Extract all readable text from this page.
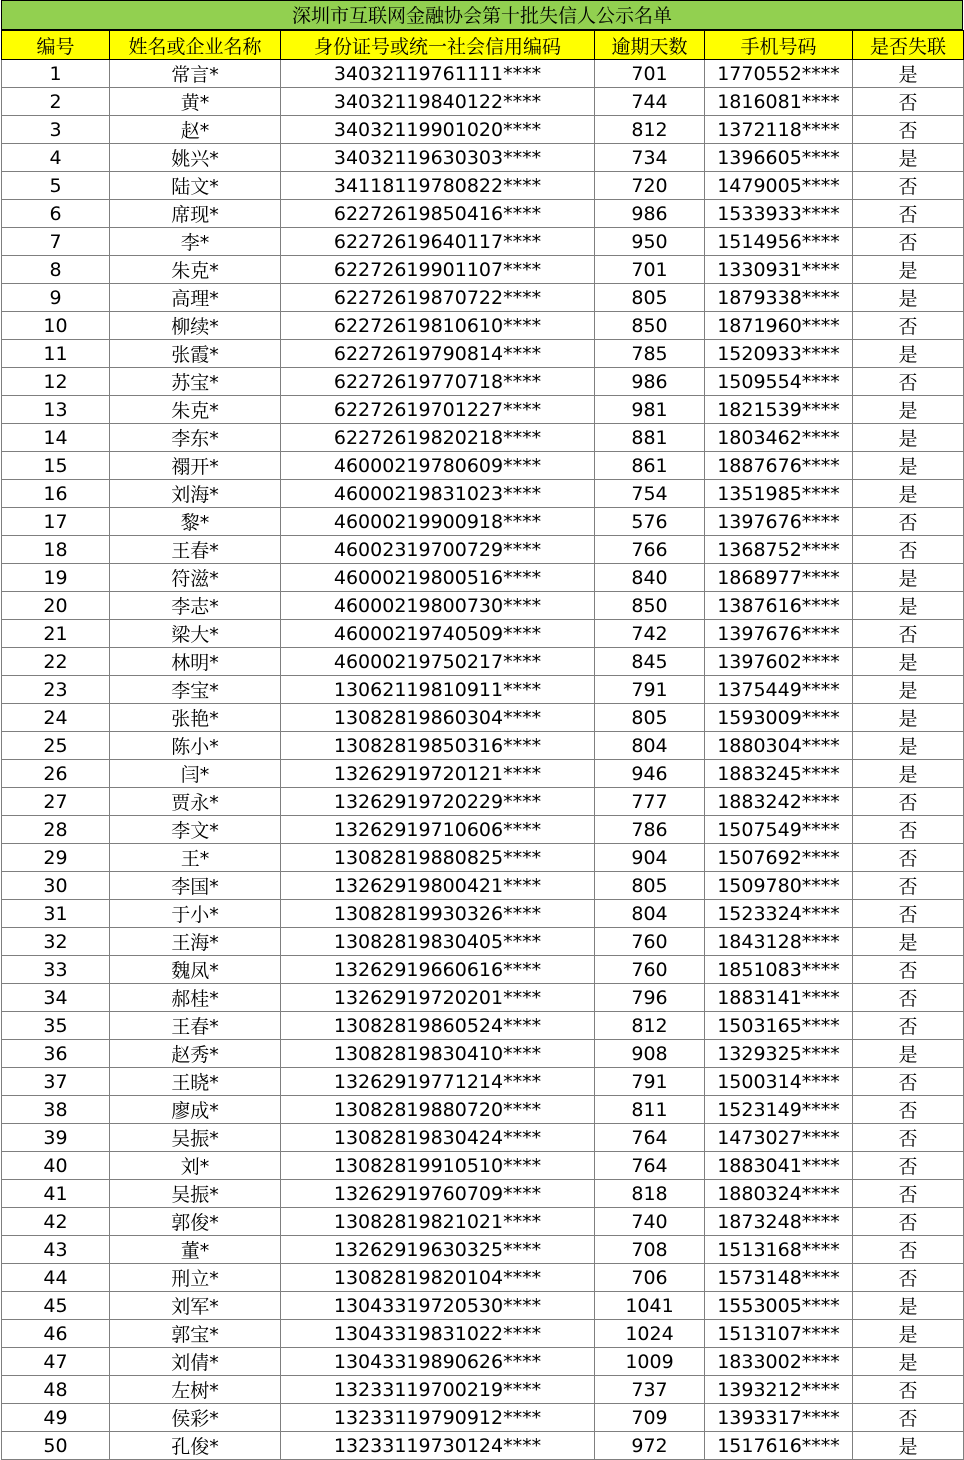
深圳市互联网金融协会第十批失信人公示名单
编号	姓名或企业名称	身份证号或统一社会信用编码	逾期天数	手机号码	是否失联
1	常言*	34032119761111****	701	1770552****	是
2	黄*	34032119840122****	744	1816081****	否
3	赵*	34032119901020****	812	1372118****	否
4	姚兴*	34032119630303****	734	1396605****	是
5	陆文*	34118119780822****	720	1479005****	否
6	席现*	62272619850416****	986	1533933****	否
7	李*	62272619640117****	950	1514956****	否
8	朱克*	62272619901107****	701	1330931****	是
9	高理*	62272619870722****	805	1879338****	是
10	柳续*	62272619810610****	850	1871960****	否
11	张霞*	62272619790814****	785	1520933****	是
12	苏宝*	62272619770718****	986	1509554****	否
13	朱克*	62272619701227****	981	1821539****	是
14	李东*	62272619820218****	881	1803462****	是
15	禤开*	46000219780609****	861	1887676****	是
16	刘海*	46000219831023****	754	1351985****	是
17	黎*	46000219900918****	576	1397676****	否
18	王春*	46002319700729****	766	1368752****	否
19	符滋*	46000219800516****	840	1868977****	是
20	李志*	46000219800730****	850	1387616****	是
21	梁大*	46000219740509****	742	1397676****	否
22	林明*	46000219750217****	845	1397602****	是
23	李宝*	13062119810911****	791	1375449****	是
24	张艳*	13082819860304****	805	1593009****	是
25	陈小*	13082819850316****	804	1880304****	是
26	闫*	13262919720121****	946	1883245****	是
27	贾永*	13262919720229****	777	1883242****	否
28	李文*	13262919710606****	786	1507549****	否
29	王*	13082819880825****	904	1507692****	否
30	李国*	13262919800421****	805	1509780****	否
31	于小*	13082819930326****	804	1523324****	否
32	王海*	13082819830405****	760	1843128****	是
33	魏凤*	13262919660616****	760	1851083****	否
34	郝桂*	13262919720201****	796	1883141****	否
35	王春*	13082819860524****	812	1503165****	否
36	赵秀*	13082819830410****	908	1329325****	是
37	王晓*	13262919771214****	791	1500314****	否
38	廖成*	13082819880720****	811	1523149****	否
39	吴振*	13082819830424****	764	1473027****	否
40	刘*	13082819910510****	764	1883041****	否
41	吴振*	13262919760709****	818	1880324****	否
42	郭俊*	13082819821021****	740	1873248****	否
43	董*	13262919630325****	708	1513168****	否
44	刑立*	13082819820104****	706	1573148****	否
45	刘军*	13043319720530****	1041	1553005****	是
46	郭宝*	13043319831022****	1024	1513107****	是
47	刘倩*	13043319890626****	1009	1833002****	是
48	左树*	13233119700219****	737	1393212****	否
49	侯彩*	13233119790912****	709	1393317****	否
50	孔俊*	13233119730124****	972	1517616****	是
